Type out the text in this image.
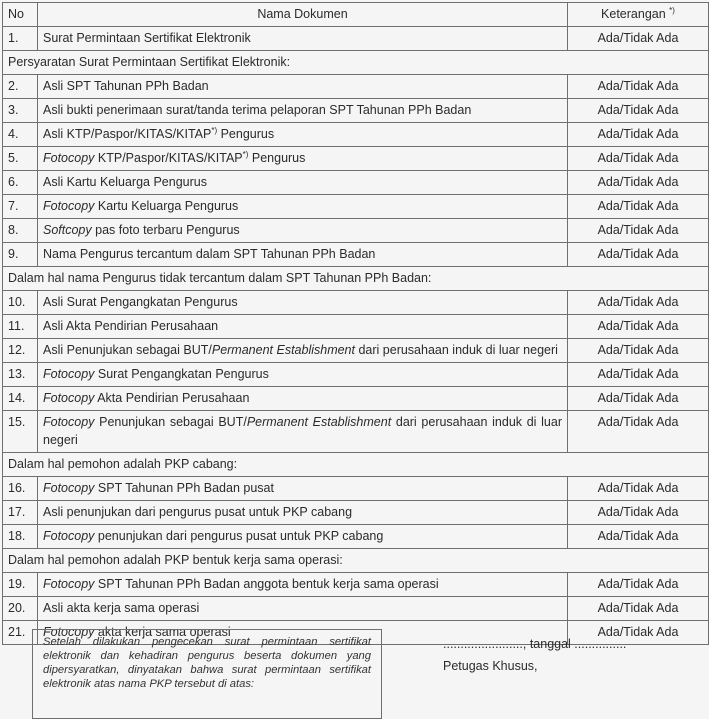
No	Nama Dokumen	Keterangan *)
1.	Surat Permintaan Sertifikat Elektronik	Ada/Tidak Ada
Persyaratan Surat Permintaan Sertifikat Elektronik:		
2.	Asli SPT Tahunan PPh Badan	Ada/Tidak Ada
3.	Asli bukti penerimaan surat/tanda terima pelaporan SPT Tahunan PPh Badan	Ada/Tidak Ada
4.	Asli KTP/Paspor/KITAS/KITAP*) Pengurus	Ada/Tidak Ada
5.	Fotocopy KTP/Paspor/KITAS/KITAP*) Pengurus	Ada/Tidak Ada
6.	Asli Kartu Keluarga Pengurus	Ada/Tidak Ada
7.	Fotocopy Kartu Keluarga Pengurus	Ada/Tidak Ada
8.	Softcopy pas foto terbaru Pengurus	Ada/Tidak Ada
9.	Nama Pengurus tercantum dalam SPT Tahunan PPh Badan	Ada/Tidak Ada
Dalam hal nama Pengurus tidak tercantum dalam SPT Tahunan PPh Badan:		
10.	Asli Surat Pengangkatan Pengurus	Ada/Tidak Ada
11.	Asli Akta Pendirian Perusahaan	Ada/Tidak Ada
12.	Asli Penunjukan sebagai BUT/Permanent Establishment dari perusahaan induk di luar negeri	Ada/Tidak Ada
13.	Fotocopy Surat Pengangkatan Pengurus	Ada/Tidak Ada
14.	Fotocopy Akta Pendirian Perusahaan	Ada/Tidak Ada
15.	Fotocopy Penunjukan sebagai BUT/Permanent Establishment dari perusahaan induk di luar negeri	Ada/Tidak Ada
Dalam hal pemohon adalah PKP cabang:		
16.	Fotocopy SPT Tahunan PPh Badan pusat	Ada/Tidak Ada
17.	Asli penunjukan dari pengurus pusat untuk PKP cabang	Ada/Tidak Ada
18.	Fotocopy penunjukan dari pengurus pusat untuk PKP cabang	Ada/Tidak Ada
Dalam hal pemohon adalah PKP bentuk kerja sama operasi:		
19.	Fotocopy SPT Tahunan PPh Badan anggota bentuk kerja sama operasi	Ada/Tidak Ada
20.	Asli akta kerja sama operasi	Ada/Tidak Ada
21.	Fotocopy akta kerja sama operasi	Ada/Tidak Ada
Setelah dilakukan pengecekan surat permintaan sertifikat elektronik dan kehadiran pengurus beserta dokumen yang dipersyaratkan, dinyatakan bahwa surat permintaan sertifikat elektronik atas nama PKP tersebut di atas:
......................., tanggal ...............
Petugas Khusus,
